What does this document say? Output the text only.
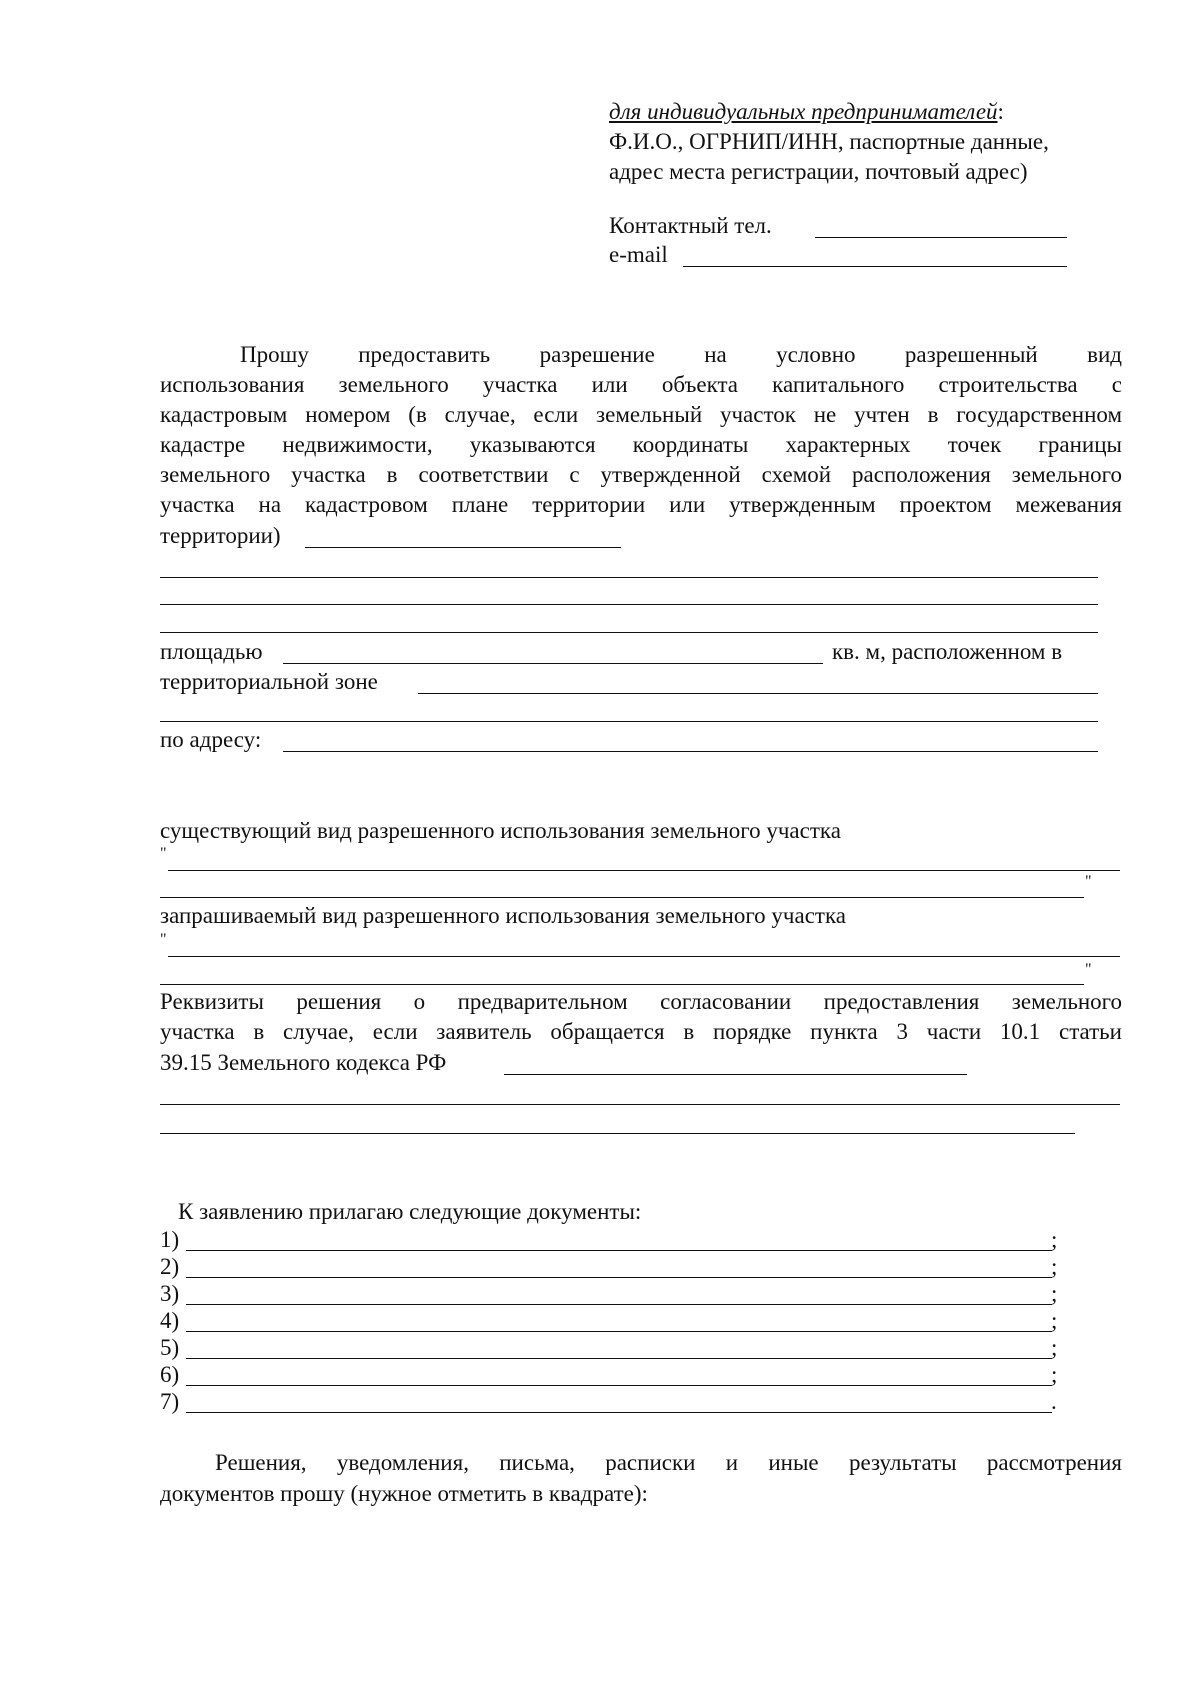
для индивидуальных предпринимателей:
Ф.И.О., ОГРНИП/ИНН, паспортные данные,
адрес места регистрации, почтовый адрес)
Контактный тел.
e-mail
Прошу предоставить разрешение на условно разрешенный вид
использования земельного участка или объекта капитального строительства с
кадастровым номером (в случае, если земельный участок не учтен в государственном
кадастре недвижимости, указываются координаты характерных точек границы
земельного участка в соответствии с утвержденной схемой расположения земельного
участка на кадастровом плане территории или утвержденным проектом межевания
территории)
площадью	кв. м, расположенном в
территориальной зоне
по адресу:
существующий вид разрешенного использования земельного участка
"
"
запрашиваемый вид разрешенного использования земельного участка
"
"
Реквизиты решения о предварительном согласовании предоставления земельного
участка в случае, если заявитель обращается в порядке пункта 3 части 10.1 статьи
39.15 Земельного кодекса РФ
К заявлению прилагаю следующие документы:
1)	;
2)	;
3)	;
4)	;
5)	;
6)	;
7)	.
Решения, уведомления, письма, расписки и иные результаты рассмотрения
документов прошу (нужное отметить в квадрате):
